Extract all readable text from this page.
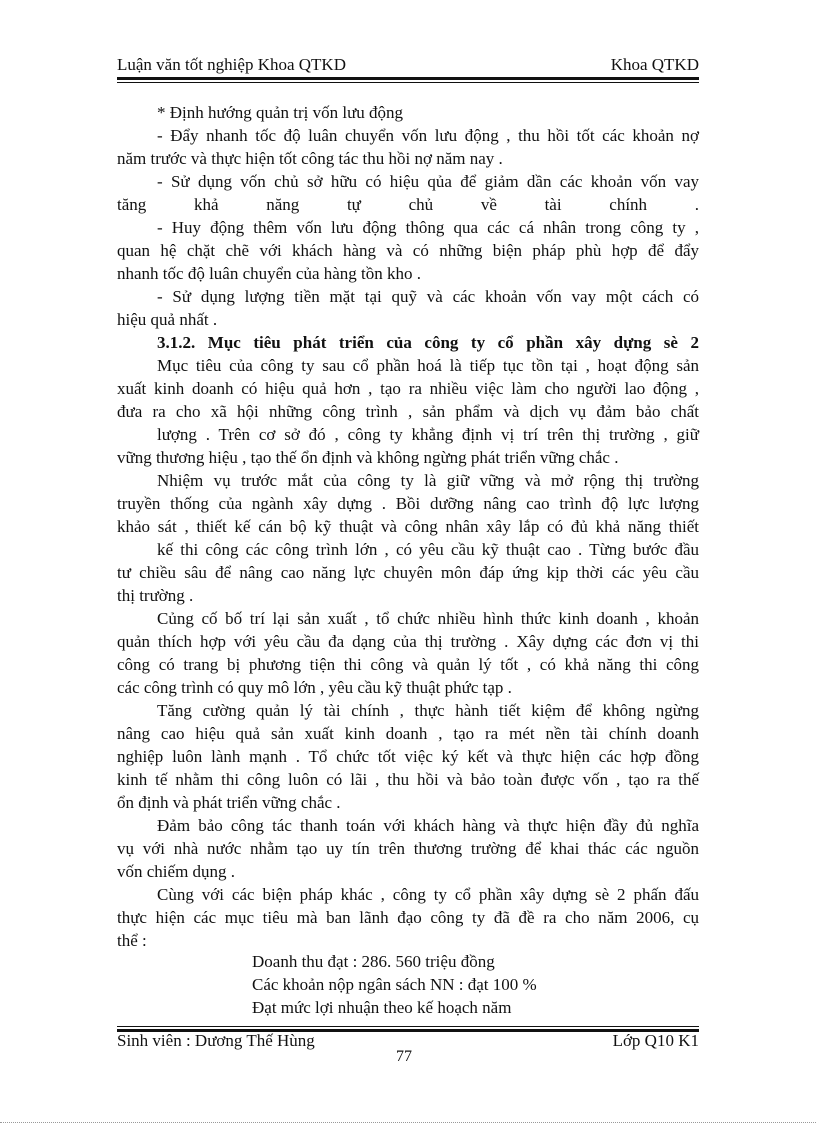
Luận văn tốt nghiệp Khoa QTKD	Khoa QTKD
* Định hướng quản trị vốn lưu động
- Đẩy nhanh tốc độ luân chuyển vốn lưu động , thu hồi tốt các khoản nợ
năm trước và thực hiện tốt công tác thu hồi nợ năm nay .
- Sử dụng vốn chủ sở hữu có hiệu qủa để giảm dần các khoản vốn vay
tăng khả năng tự chủ về tài chính .
- Huy động thêm vốn lưu động thông qua các cá nhân trong công ty ,
quan hệ chặt chẽ với khách hàng và có những biện pháp phù hợp để đẩy
nhanh tốc độ luân chuyển của hàng tồn kho .
- Sử dụng lượng tiền mặt tại quỹ và các khoản vốn vay một cách có
hiệu quả nhất .
3.1.2. Mục tiêu phát triển của công ty cổ phần xây dựng sè 2
Mục tiêu của công ty sau cổ phần hoá là tiếp tục tồn tại , hoạt động sản
xuất kinh doanh có hiệu quả hơn , tạo ra nhiều việc làm cho người lao động ,
đưa ra cho xã hội những công trình , sản phẩm và dịch vụ đảm bảo chất
lượng . Trên cơ sở đó , công ty khẳng định vị trí trên thị trường , giữ
vững thương hiệu , tạo thế ổn định và không ngừng phát triển vững chắc .
Nhiệm vụ trước mắt của công ty là giữ vững và mở rộng thị trường
truyền thống của ngành xây dựng . Bồi dưỡng nâng cao trình độ lực lượng
khảo sát , thiết kế cán bộ kỹ thuật và công nhân xây lắp có đủ khả năng thiết
kế thi công các công trình lớn , có yêu cầu kỹ thuật cao . Từng bước đầu
tư chiều sâu để nâng cao năng lực chuyên môn đáp ứng kịp thời các yêu cầu
thị trường .
Củng cố bố trí lại sản xuất , tổ chức nhiều hình thức kinh doanh , khoản
quản thích hợp với yêu cầu đa dạng của thị trường . Xây dựng các đơn vị thi
công có trang bị phương tiện thi công và quản lý tốt , có khả năng thi công
các công trình có quy mô lớn , yêu cầu kỹ thuật phức tạp .
Tăng cường quản lý tài chính , thực hành tiết kiệm để không ngừng
nâng cao hiệu quả sản xuất kinh doanh , tạo ra mét nền tài chính doanh
nghiệp luôn lành mạnh . Tổ chức tốt việc ký kết và thực hiện các hợp đồng
kinh tế nhằm thi công luôn có lãi , thu hồi và bảo toàn được vốn , tạo ra thế
ổn định và phát triển vững chắc .
Đảm bảo công tác thanh toán với khách hàng và thực hiện đầy đủ nghĩa
vụ với nhà nước nhằm tạo uy tín trên thương trường để khai thác các nguồn
vốn chiếm dụng .
Cùng với các biện pháp khác , công ty cổ phần xây dựng sè 2 phấn đấu
thực hiện các mục tiêu mà ban lãnh đạo công ty đã đề ra cho năm 2006, cụ
thể :
Doanh thu đạt : 286. 560 triệu đồng
Các khoản nộp ngân sách NN : đạt 100 %
Đạt mức lợi nhuận theo kế hoạch năm
Sinh viên : Dương Thế Hùng	Lớp Q10 K1
77
